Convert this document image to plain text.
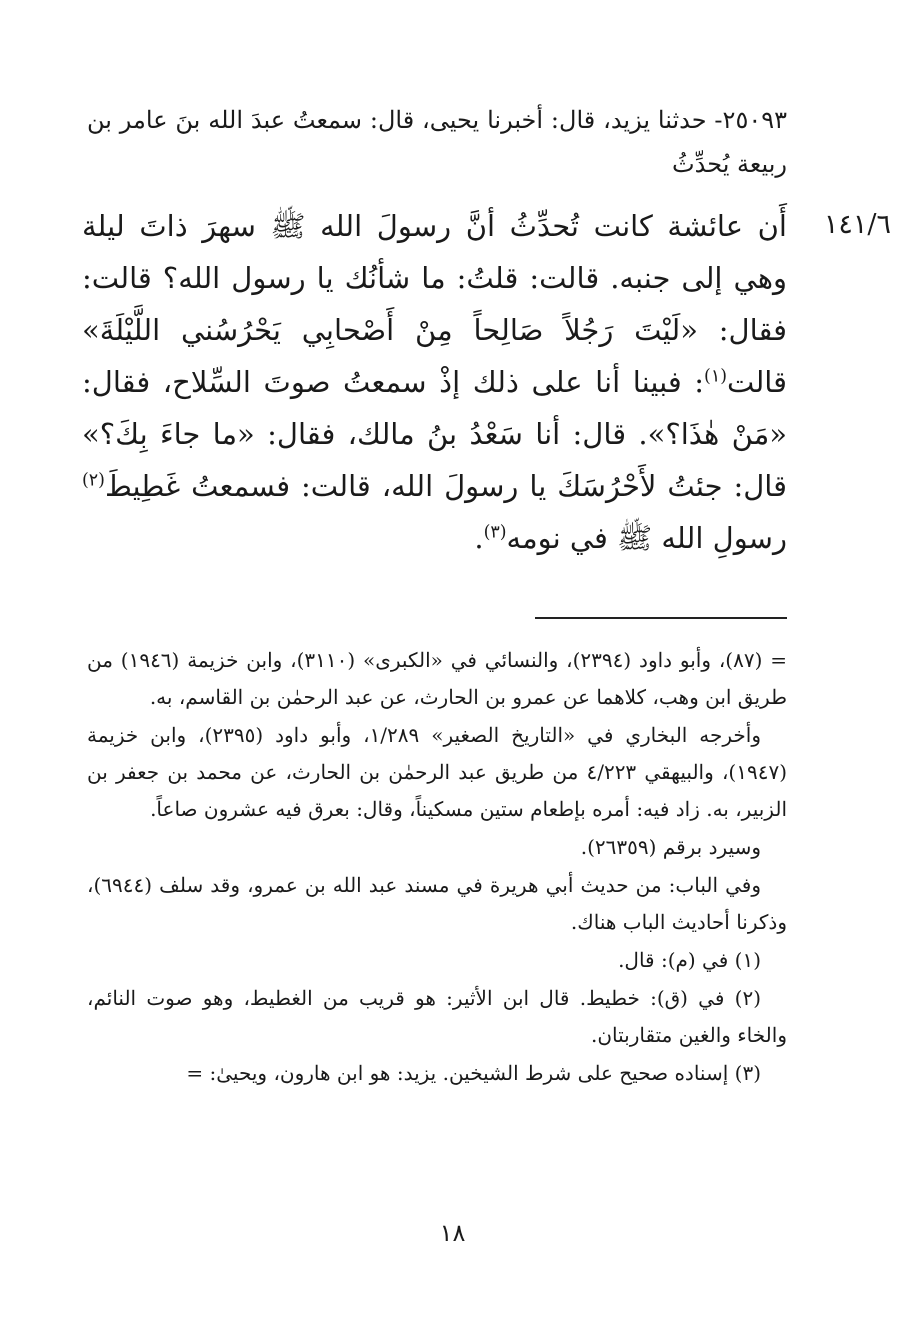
١٤١/٦

٢٥٠٩٣- حدثنا يزيد، قال: أخبرنا يحيى، قال: سمعتُ عبدَ الله بنَ عامر بن ربيعة يُحدِّثُ

أَن عائشة كانت تُحدِّثُ أنَّ رسولَ الله ﷺ سهرَ ذاتَ ليلة وهي إلى جنبه. قالت: قلتُ: ما شأنُك يا رسول الله؟ قالت: فقال: «لَيْتَ رَجُلاً صَالِحاً مِنْ أَصْحابِي يَحْرُسُني اللَّيْلَةَ» قالت$^{(١)}$: فبينا أنا على ذلك إذْ سمعتُ صوتَ السِّلاح، فقال: «مَنْ هٰذَا؟». قال: أنا سَعْدُ بنُ مالك، فقال: «ما جاءَ بِكَ؟» قال: جئتُ لأَحْرُسَكَ يا رسولَ الله، قالت: فسمعتُ غَطِيطَ$^{(٢)}$ رسولِ الله ﷺ في نومه$^{(٣)}$.

= (٨٧)، وأبو داود (٢٣٩٤)، والنسائي في «الكبرى» (٣١١٠)، وابن خزيمة (١٩٤٦) من طريق ابن وهب، كلاهما عن عمرو بن الحارث، عن عبد الرحمٰن بن القاسم، به.

وأخرجه البخاري في «التاريخ الصغير» ١/٢٨٩، وأبو داود (٢٣٩٥)، وابن خزيمة (١٩٤٧)، والبيهقي ٤/٢٢٣ من طريق عبد الرحمٰن بن الحارث، عن محمد بن جعفر بن الزبير، به. زاد فيه: أمره بإطعام ستين مسكيناً، وقال: بعرق فيه عشرون صاعاً.

وسيرد برقم (٢٦٣٥٩).

وفي الباب: من حديث أبي هريرة في مسند عبد الله بن عمرو، وقد سلف (٦٩٤٤)، وذكرنا أحاديث الباب هناك.

(١) في (م): قال.

(٢) في (ق): خطيط. قال ابن الأثير: هو قريب من الغطيط، وهو صوت النائم، والخاء والغين متقاربتان.

(٣) إسناده صحيح على شرط الشيخين. يزيد: هو ابن هارون، ويحيىٰ: =

١٨
